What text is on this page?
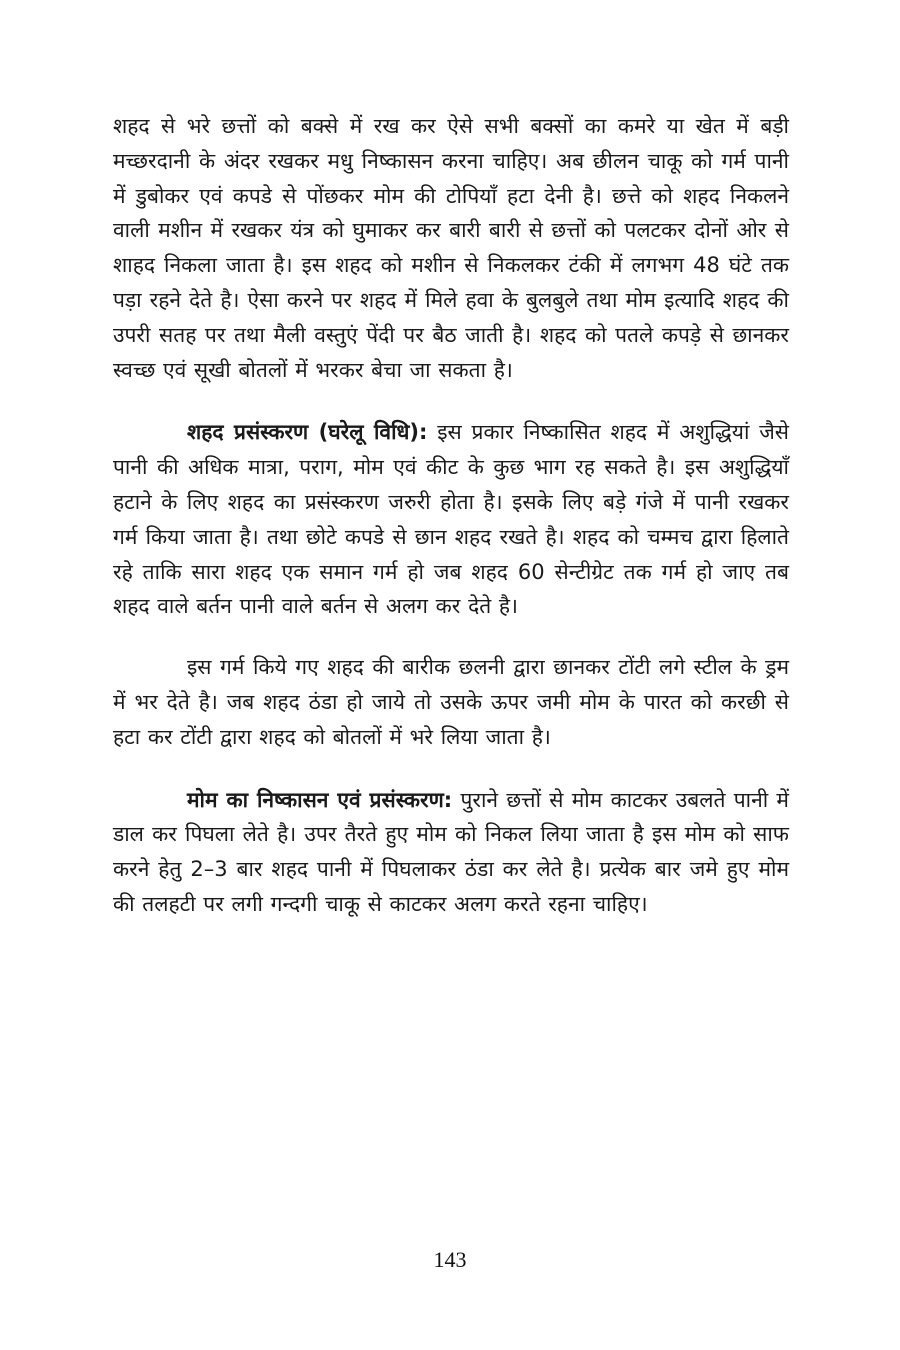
शहद से भरे छत्तों को बक्से में रख कर ऐसे सभी बक्सों का कमरे या खेत में बड़ी मच्छरदानी के अंदर रखकर मधु निष्कासन करना चाहिए। अब छीलन चाकू को गर्म पानी में डुबोकर एवं कपडे से पोंछकर मोम की टोपियाँ हटा देनी है। छत्ते को शहद निकलने वाली मशीन में रखकर यंत्र को घुमाकर कर बारी बारी से छत्तों को पलटकर दोनों ओर से शाहद निकला जाता है। इस शहद को मशीन से निकलकर टंकी में लगभग 48 घंटे तक पड़ा रहने देते है। ऐसा करने पर शहद में मिले हवा के बुलबुले तथा मोम इत्यादि शहद की उपरी सतह पर तथा मैली वस्तुएं पेंदी पर बैठ जाती है। शहद को पतले कपड़े से छानकर स्वच्छ एवं सूखी बोतलों में भरकर बेचा जा सकता है।

शहद प्रसंस्करण (घरेलू विधि): इस प्रकार निष्कासित शहद में अशुद्धियां जैसे पानी की अधिक मात्रा, पराग, मोम एवं कीट के कुछ भाग रह सकते है। इस अशुद्धियाँ हटाने के लिए शहद का प्रसंस्करण जरुरी होता है। इसके लिए बड़े गंजे में पानी रखकर गर्म किया जाता है। तथा छोटे कपडे से छान शहद रखते है। शहद को चम्मच द्वारा हिलाते रहे ताकि सारा शहद एक समान गर्म हो जब शहद 60 सेन्टीग्रेट तक गर्म हो जाए तब शहद वाले बर्तन पानी वाले बर्तन से अलग कर देते है।

इस गर्म किये गए शहद की बारीक छलनी द्वारा छानकर टोंटी लगे स्टील के ड्रम में भर देते है। जब शहद ठंडा हो जाये तो उसके ऊपर जमी मोम के पारत को करछी से हटा कर टोंटी द्वारा शहद को बोतलों में भरे लिया जाता है।

मोम का निष्कासन एवं प्रसंस्करण: पुराने छत्तों से मोम काटकर उबलते पानी में डाल कर पिघला लेते है। उपर तैरते हुए मोम को निकल लिया जाता है इस मोम को साफ करने हेतु 2–3 बार शहद पानी में पिघलाकर ठंडा कर लेते है। प्रत्येक बार जमे हुए मोम की तलहटी पर लगी गन्दगी चाकू से काटकर अलग करते रहना चाहिए।

143
